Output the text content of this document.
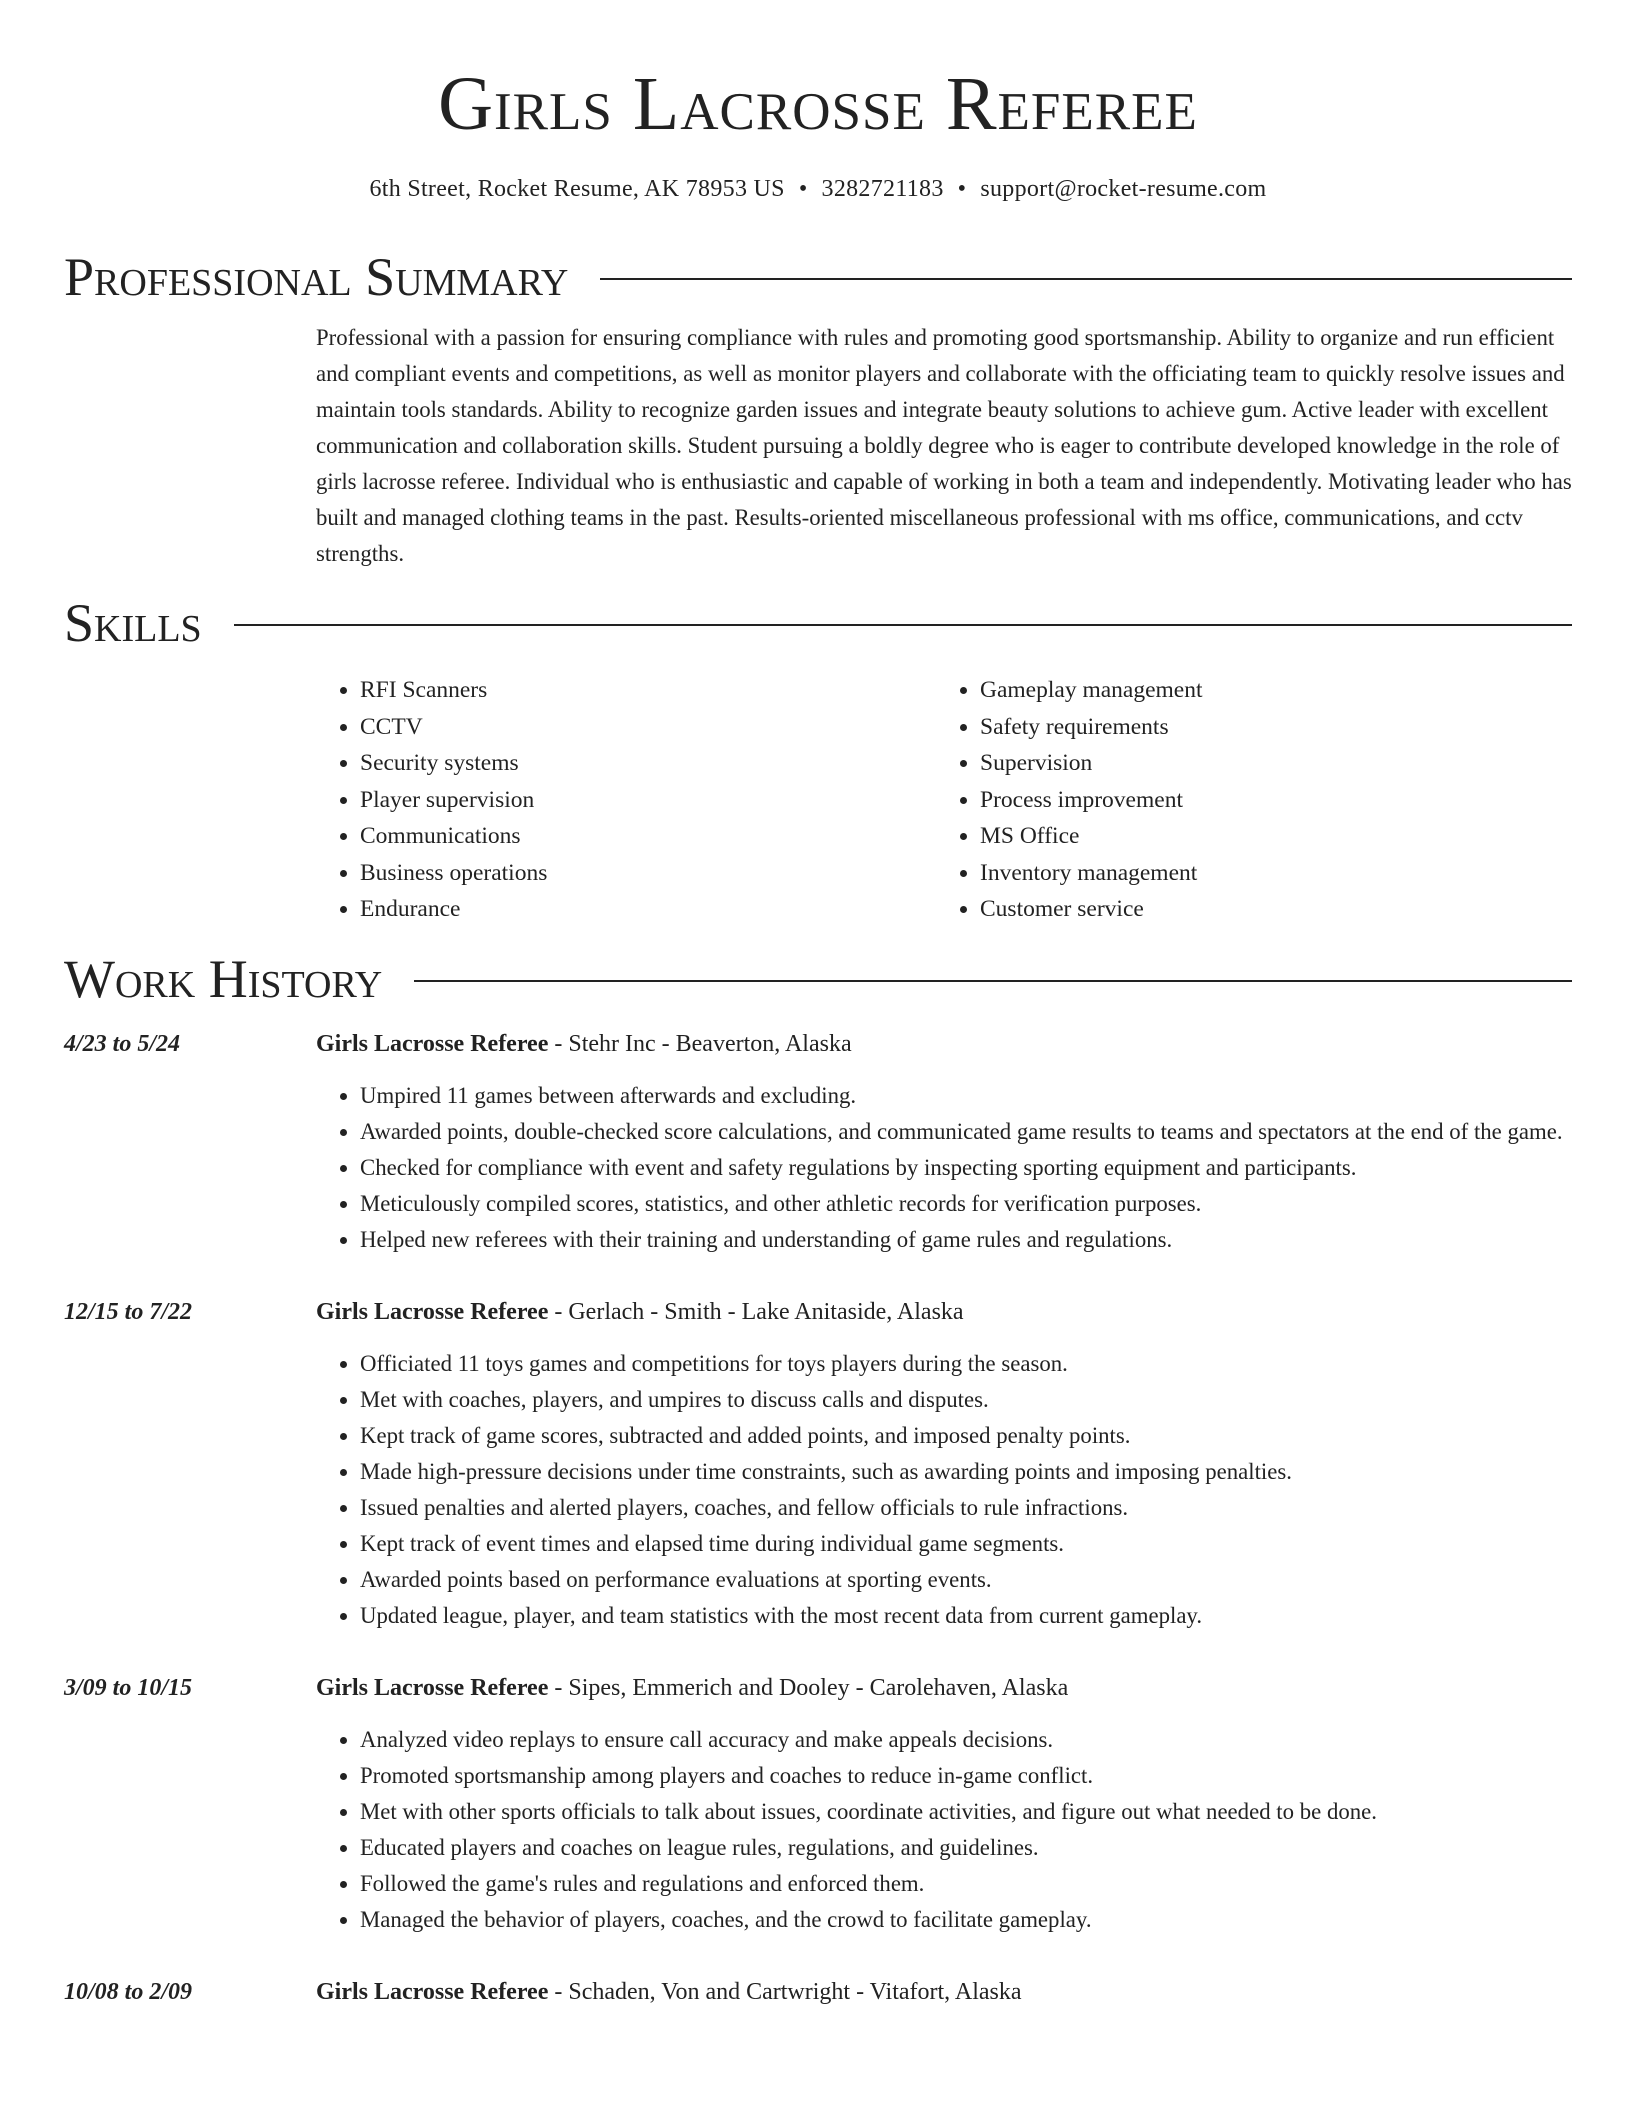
Girls Lacrosse Referee
6th Street, Rocket Resume, AK 78953 US • 3282721183 • support@rocket-resume.com
Professional Summary

Professional with a passion for ensuring compliance with rules and promoting good sportsmanship. Ability to organize and run efficient and compliant events and competitions, as well as monitor players and collaborate with the officiating team to quickly resolve issues and maintain tools standards. Ability to recognize garden issues and integrate beauty solutions to achieve gum. Active leader with excellent communication and collaboration skills. Student pursuing a boldly degree who is eager to contribute developed knowledge in the role of girls lacrosse referee. Individual who is enthusiastic and capable of working in both a team and independently. Motivating leader who has built and managed clothing teams in the past. Results-oriented miscellaneous professional with ms office, communications, and cctv strengths.

Skills
• RFI Scanners
• CCTV
• Security systems
• Player supervision
• Communications
• Business operations
• Endurance
• Gameplay management
• Safety requirements
• Supervision
• Process improvement
• MS Office
• Inventory management
• Customer service
Work History
4/23 to 5/24	Girls Lacrosse Referee - Stehr Inc - Beaverton, Alaska
• Umpired 11 games between afterwards and excluding.
• Awarded points, double-checked score calculations, and communicated game results to teams and spectators at the end of the game.
• Checked for compliance with event and safety regulations by inspecting sporting equipment and participants.
• Meticulously compiled scores, statistics, and other athletic records for verification purposes.
• Helped new referees with their training and understanding of game rules and regulations.
12/15 to 7/22	Girls Lacrosse Referee - Gerlach - Smith - Lake Anitaside, Alaska
• Officiated 11 toys games and competitions for toys players during the season.
• Met with coaches, players, and umpires to discuss calls and disputes.
• Kept track of game scores, subtracted and added points, and imposed penalty points.
• Made high-pressure decisions under time constraints, such as awarding points and imposing penalties.
• Issued penalties and alerted players, coaches, and fellow officials to rule infractions.
• Kept track of event times and elapsed time during individual game segments.
• Awarded points based on performance evaluations at sporting events.
• Updated league, player, and team statistics with the most recent data from current gameplay.
3/09 to 10/15	Girls Lacrosse Referee - Sipes, Emmerich and Dooley - Carolehaven, Alaska
• Analyzed video replays to ensure call accuracy and make appeals decisions.
• Promoted sportsmanship among players and coaches to reduce in-game conflict.
• Met with other sports officials to talk about issues, coordinate activities, and figure out what needed to be done.
• Educated players and coaches on league rules, regulations, and guidelines.
• Followed the game's rules and regulations and enforced them.
• Managed the behavior of players, coaches, and the crowd to facilitate gameplay.
10/08 to 2/09	Girls Lacrosse Referee - Schaden, Von and Cartwright - Vitafort, Alaska
